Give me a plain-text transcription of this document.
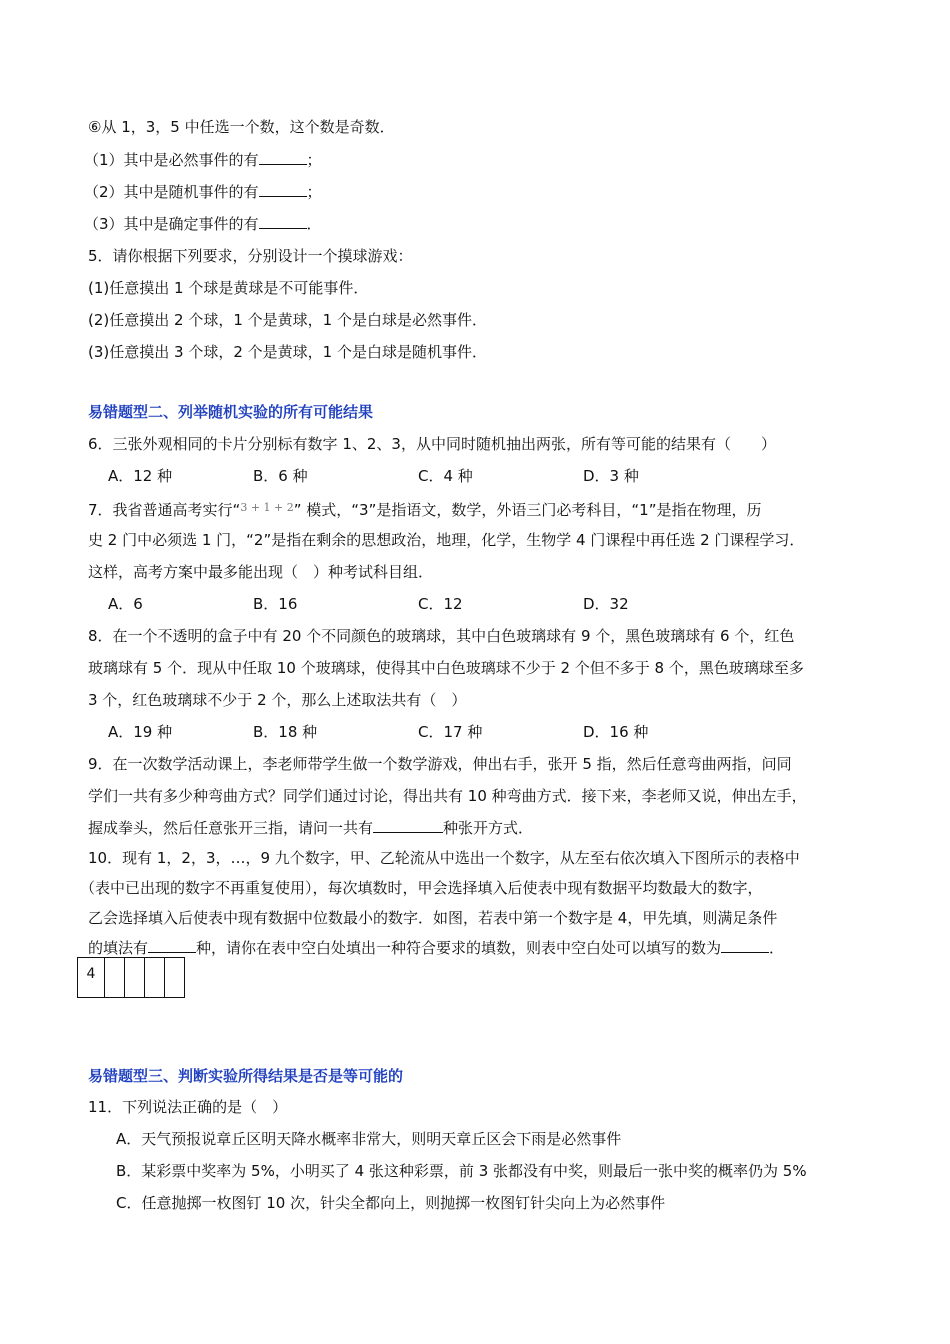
⑥从 1，3，5 中任选一个数，这个数是奇数．
（1）其中是必然事件的有	；
（2）其中是随机事件的有	；
（3）其中是确定事件的有	．
5．请你根据下列要求，分别设计一个摸球游戏：
(1)任意摸出 1 个球是黄球是不可能事件．
(2)任意摸出 2 个球，1 个是黄球，1 个是白球是必然事件．
(3)任意摸出 3 个球，2 个是黄球，1 个是白球是随机事件．
易错题型二、列举随机实验的所有可能结果
6．三张外观相同的卡片分别标有数字 1、2、3，从中同时随机抽出两张，所有等可能的结果有（　　）
A．12 种	B．6 种	C．4 种	D．3 种
7．我省普通高考实行“$^{3 + 1 + 2}$” 模式，“3”是指语文，数学，外语三门必考科目，“1”是指在物理，历
史 2 门中必须选 1 门，“2”是指在剩余的思想政治，地理，化学，生物学 4 门课程中再任选 2 门课程学习．
这样，高考方案中最多能出现（　）种考试科目组．
A．6	B．16	C．12	D．32
8．在一个不透明的盒子中有 20 个不同颜色的玻璃球，其中白色玻璃球有 9 个，黑色玻璃球有 6 个，红色
玻璃球有 5 个．现从中任取 10 个玻璃球，使得其中白色玻璃球不少于 2 个但不多于 8 个，黑色玻璃球至多
3 个，红色玻璃球不少于 2 个，那么上述取法共有（　）
A．19 种	B．18 种	C．17 种	D．16 种
9．在一次数学活动课上，李老师带学生做一个数学游戏，伸出右手，张开 5 指，然后任意弯曲两指，问同
学们一共有多少种弯曲方式？同学们通过讨论，得出共有 10 种弯曲方式．接下来，李老师又说，伸出左手，
握成拳头，然后任意张开三指，请问一共有	种张开方式．
10．现有 1，2，3，…，9 九个数字，甲、乙轮流从中选出一个数字，从左至右依次填入下图所示的表格中
（表中已出现的数字不再重复使用），每次填数时，甲会选择填入后使表中现有数据平均数最大的数字，
乙会选择填入后使表中现有数据中位数最小的数字．如图，若表中第一个数字是 4，甲先填，则满足条件
的填法有	种，请你在表中空白处填出一种符合要求的填数，则表中空白处可以填写的数为	．
4				
易错题型三、判断实验所得结果是否是等可能的
11．下列说法正确的是（　）
A．天气预报说章丘区明天降水概率非常大，则明天章丘区会下雨是必然事件
B．某彩票中奖率为 5%，小明买了 4 张这种彩票，前 3 张都没有中奖，则最后一张中奖的概率仍为 5%
C．任意抛掷一枚图钉 10 次，针尖全都向上，则抛掷一枚图钉针尖向上为必然事件
